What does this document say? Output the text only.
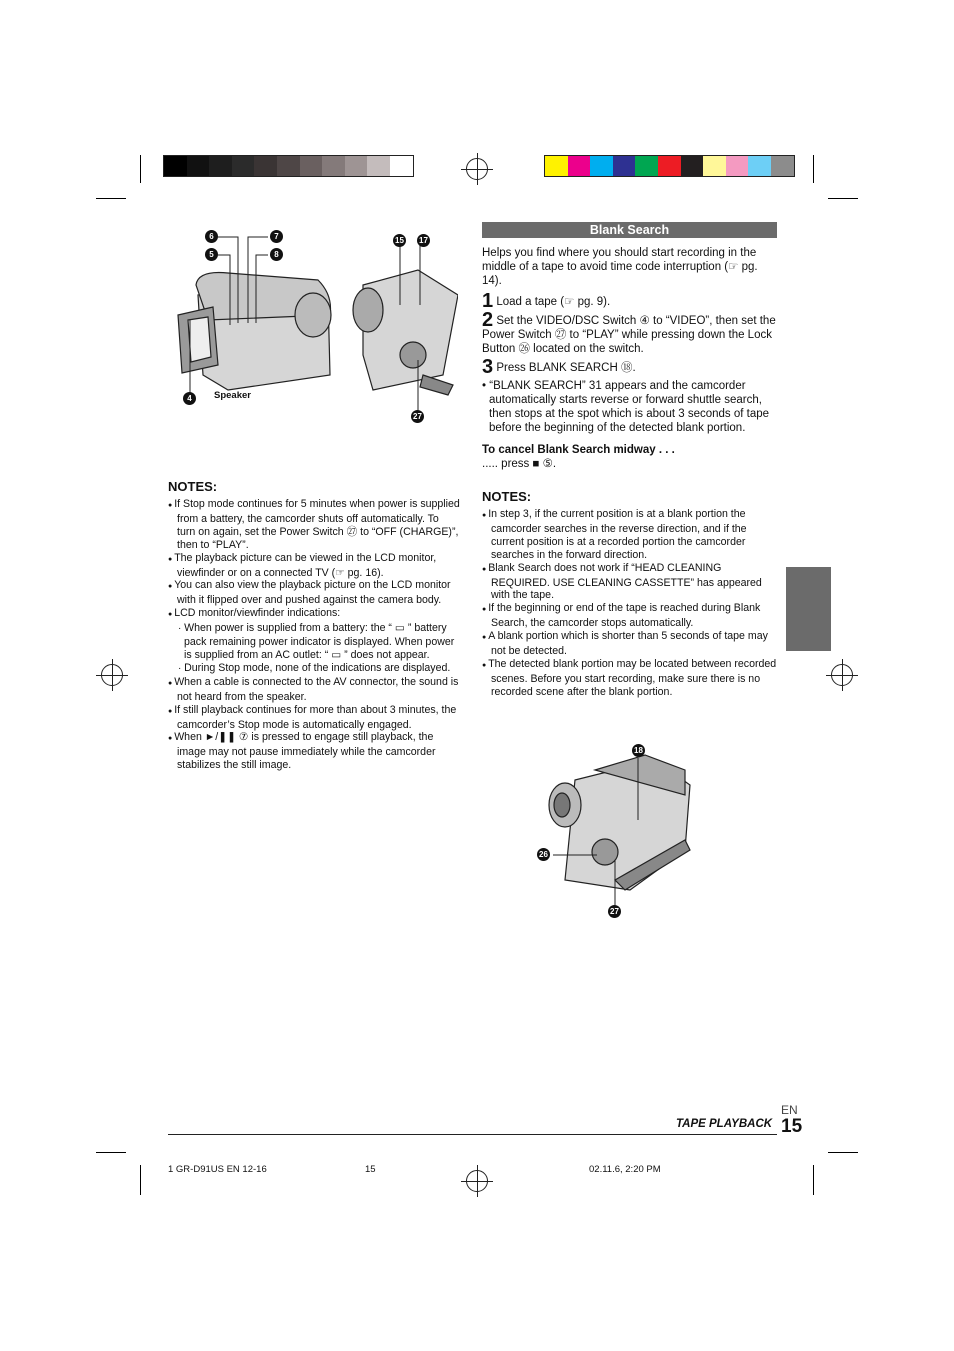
6
5
7
8
4
15 17
27
Speaker
NOTES:
● If Stop mode continues for 5 minutes when power is supplied from a battery, the camcorder shuts off automatically. To turn on again, set the Power Switch ㉗ to “OFF (CHARGE)”, then to “PLAY”.
● The playback picture can be viewed in the LCD monitor, viewfinder or on a connected TV (☞ pg. 16).
● You can also view the playback picture on the LCD monitor with it flipped over and pushed against the camera body.
● LCD monitor/viewfinder indications:
· When power is supplied from a battery: the “ ▭ ” battery pack remaining power indicator is displayed. When power is supplied from an AC outlet: “ ▭ ” does not appear.
· During Stop mode, none of the indications are displayed.
● When a cable is connected to the AV connector, the sound is not heard from the speaker.
● If still playback continues for more than about 3 minutes, the camcorder’s Stop mode is automatically engaged.
● When ►/❚❚ ⑦ is pressed to engage still playback, the image may not pause immediately while the camcorder stabilizes the still image.
Blank Search

Helps you find where you should start recording in the middle of a tape to avoid time code interruption (☞ pg. 14).

1 Load a tape (☞ pg. 9).

2 Set the VIDEO/DSC Switch ④ to “VIDEO”, then set the Power Switch ㉗ to “PLAY” while pressing down the Lock Button ㉖ located on the switch.

3 Press BLANK SEARCH ⑱.

• “BLANK SEARCH” 31 appears and the camcorder automatically starts reverse or forward shuttle search, then stops at the spot which is about 3 seconds of tape before the beginning of the detected blank portion.

To cancel Blank Search midway . . .

..... press ■ ⑤.

NOTES:
● In step 3, if the current position is at a blank portion the camcorder searches in the reverse direction, and if the current position is at a recorded portion the camcorder searches in the forward direction.
● Blank Search does not work if “HEAD CLEANING REQUIRED. USE CLEANING CASSETTE” has appeared with the tape.
● If the beginning or end of the tape is reached during Blank Search, the camcorder stops automatically.
● A blank portion which is shorter than 5 seconds of tape may not be detected.
● The detected blank portion may be located between recorded scenes. Before you start recording, make sure there is no recorded scene after the blank portion.
18
26
27
EN
TAPE PLAYBACK 15
1 GR-D91US EN 12-16	15	02.11.6, 2:20 PM
